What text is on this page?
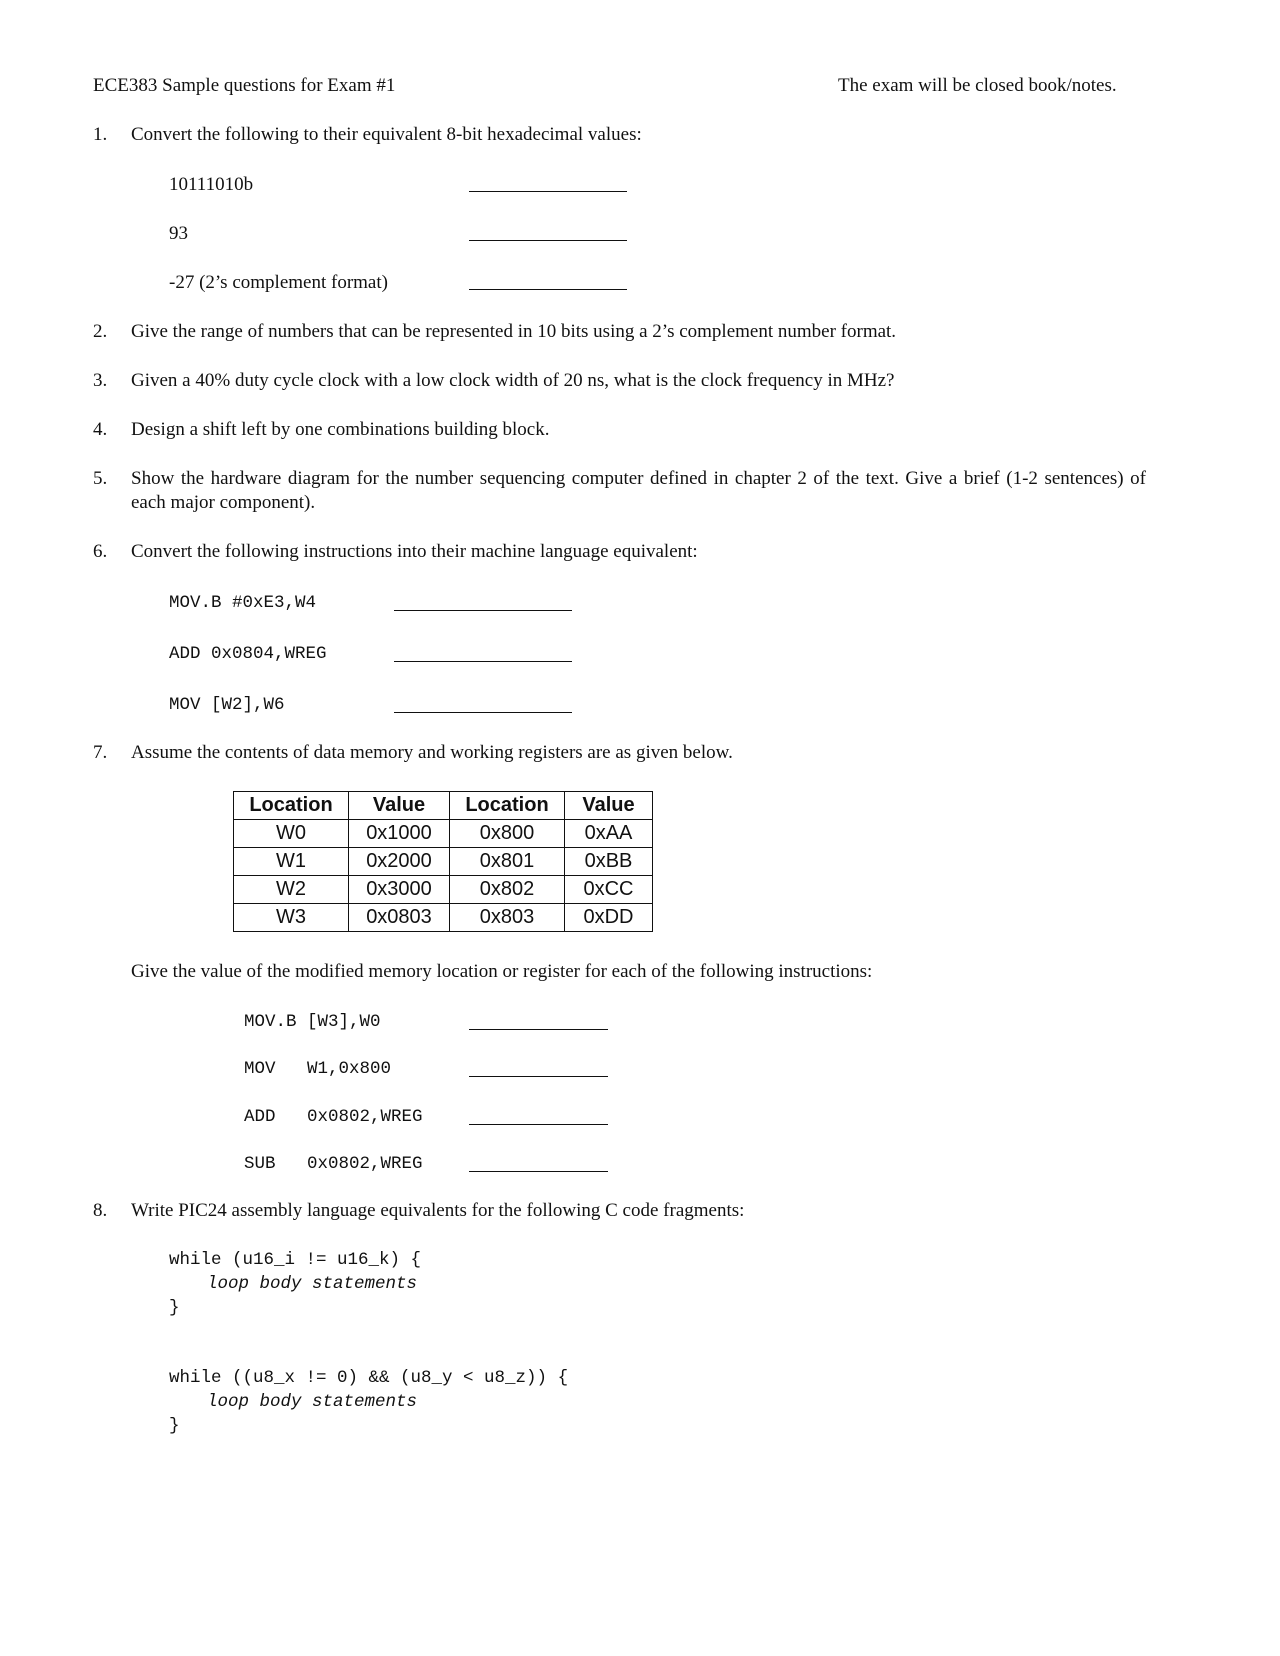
ECE383 Sample questions for Exam #1	The exam will be closed book/notes.
1. Convert the following to their equivalent 8-bit hexadecimal values:
10111010b
93
-27 (2’s complement format)
2. Give the range of numbers that can be represented in 10 bits using a 2’s complement number format.
3. Given a 40% duty cycle clock with a low clock width of 20 ns, what is the clock frequency in MHz?
4. Design a shift left by one combinations building block.
5. Show the hardware diagram for the number sequencing computer defined in chapter 2 of the text. Give a brief (1-2 sentences) of each major component).
6. Convert the following instructions into their machine language equivalent:
MOV.B #0xE3,W4
ADD 0x0804,WREG
MOV [W2],W6
7. Assume the contents of data memory and working registers are as given below.
Location	Value	Location	Value
W0	0x1000	0x800	0xAA
W1	0x2000	0x801	0xBB
W2	0x3000	0x802	0xCC
W3	0x0803	0x803	0xDD
Give the value of the modified memory location or register for each of the following instructions:
MOV.B [W3],W0
MOV   W1,0x800
ADD   0x0802,WREG
SUB   0x0802,WREG
8. Write PIC24 assembly language equivalents for the following C code fragments:
while (u16_i != u16_k) {
loop body statements
}
while ((u8_x != 0) && (u8_y < u8_z)) {
loop body statements
}
